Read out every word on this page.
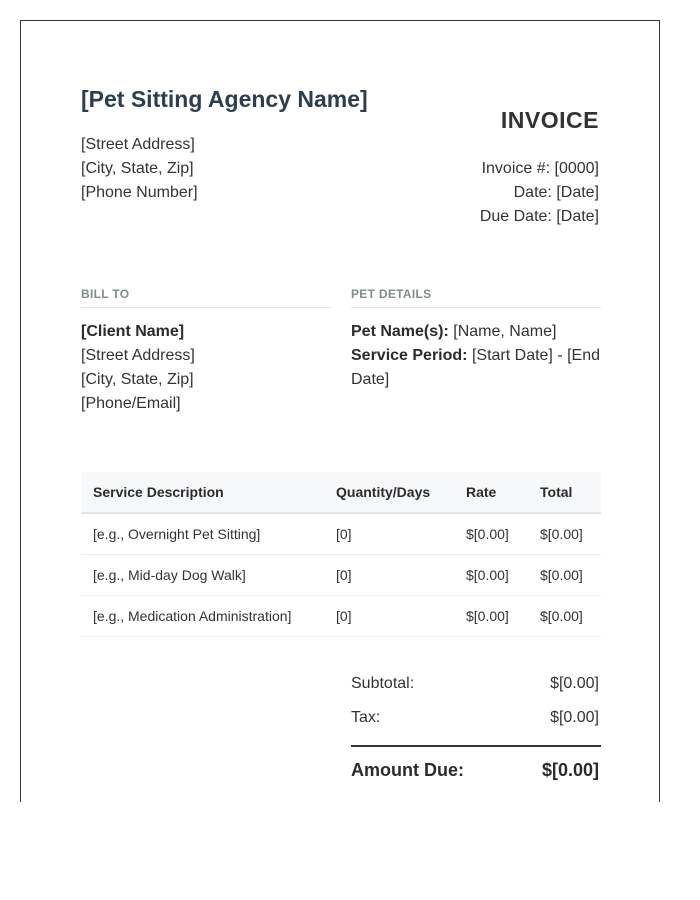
[Pet Sitting Agency Name]
[Street Address]
[City, State, Zip]
[Phone Number]
INVOICE
Invoice #: [0000]
Date: [Date]
Due Date: [Date]
BILL TO
[Client Name]
[Street Address]
[City, State, Zip]
[Phone/Email]
PET DETAILS
Pet Name(s): [Name, Name]
Service Period: [Start Date] - [End Date]
Service Description	Quantity/Days	Rate	Total
[e.g., Overnight Pet Sitting]	[0]	$[0.00]	$[0.00]
[e.g., Mid-day Dog Walk]	[0]	$[0.00]	$[0.00]
[e.g., Medication Administration]	[0]	$[0.00]	$[0.00]
Subtotal:	$[0.00]
Tax:	$[0.00]
Amount Due:	$[0.00]
